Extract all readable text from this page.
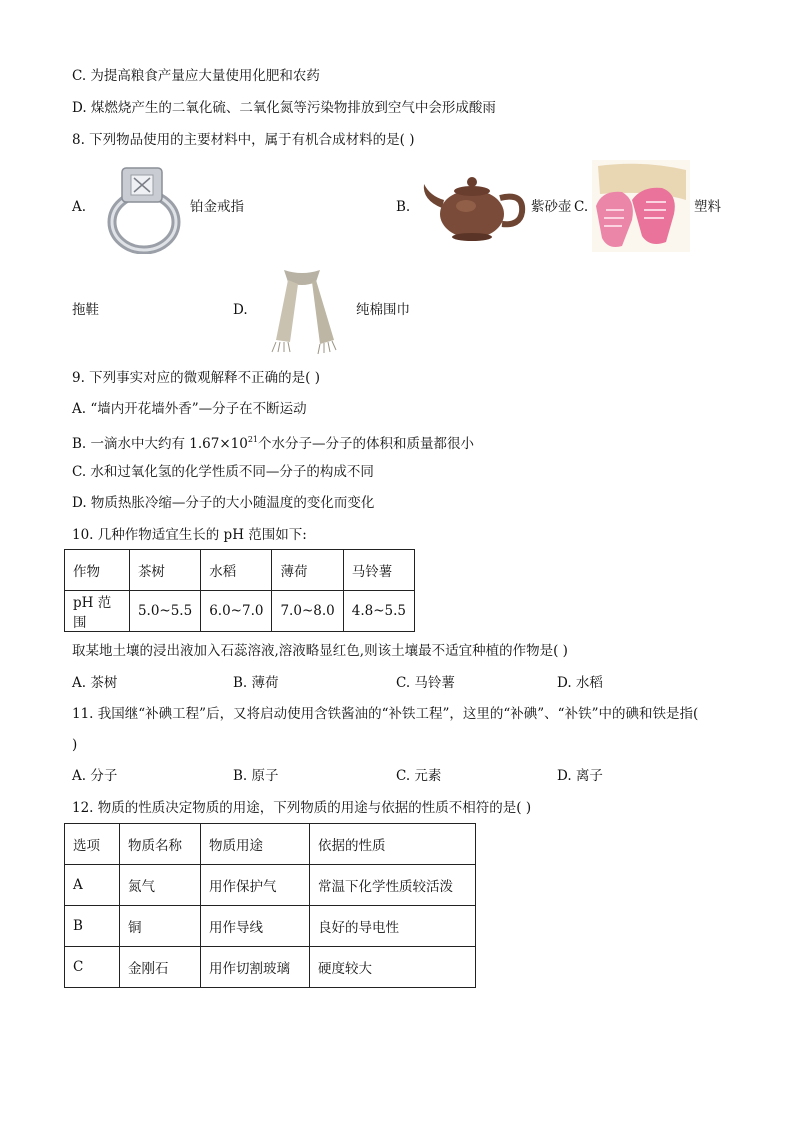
C. 为提高粮食产量应大量使用化肥和农药
D. 煤燃烧产生的二氧化硫、二氧化氮等污染物排放到空气中会形成酸雨
8. 下列物品使用的主要材料中，属于有机合成材料的是( )
A.	铂金戒指	B.	紫砂壶 C.	塑料
拖鞋	D.	纯棉围巾
9. 下列事实对应的微观解释不正确的是( )
A. “墙内开花墙外香”—分子在不断运动
B. 一滴水中大约有 $1.67\times 10^{21}$个水分子—分子的体积和质量都很小
C. 水和过氧化氢的化学性质不同—分子的构成不同
D. 物质热胀冷缩—分子的大小随温度的变化而变化
10. 几种作物适宜生长的 pH 范围如下:
作物	茶树	水稻	薄荷	马铃薯
pH 范围	5.0~5.5	6.0~7.0	7.0~8.0	4.8~5.5
取某地土壤的浸出液加入石蕊溶液,溶液略显红色,则该土壤最不适宜种植的作物是( )
A. 茶树	B. 薄荷	C. 马铃薯	D. 水稻
11. 我国继“补碘工程”后，又将启动使用含铁酱油的“补铁工程”，这里的“补碘”、“补铁”中的碘和铁是指(
)
A. 分子	B. 原子	C. 元素	D. 离子
12. 物质的性质决定物质的用途，下列物质的用途与依据的性质不相符的是( )
选项	物质名称	物质用途	依据的性质
A	氮气	用作保护气	常温下化学性质较活泼
B	铜	用作导线	良好的导电性
C	金刚石	用作切割玻璃	硬度较大
